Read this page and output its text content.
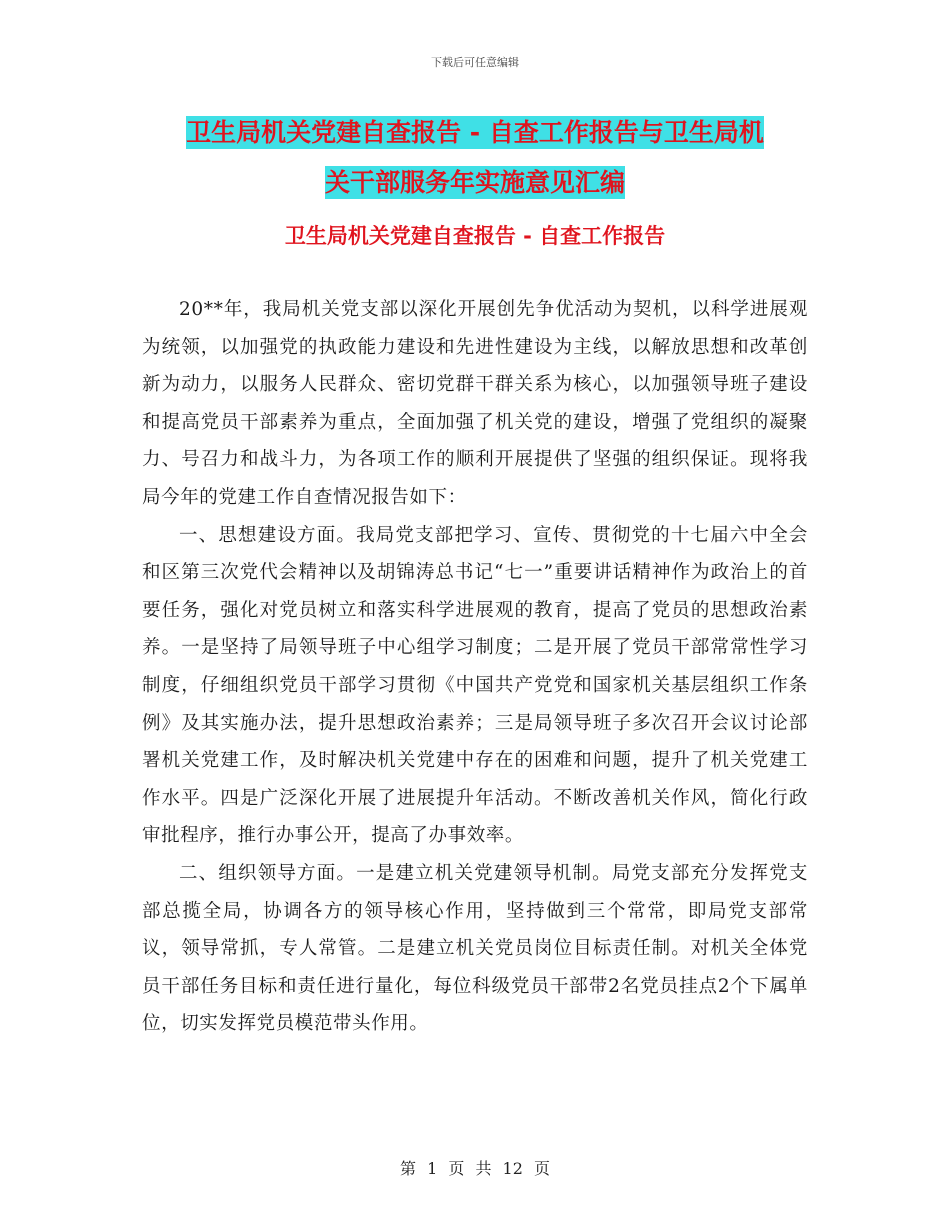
下载后可任意编辑
卫生局机关党建自查报告 - 自查工作报告与卫生局机
关干部服务年实施意见汇编
卫生局机关党建自查报告 - 自查工作报告

20**年，我局机关党支部以深化开展创先争优活动为契机，以科学进展观为统领，以加强党的执政能力建设和先进性建设为主线，以解放思想和改革创新为动力，以服务人民群众、密切党群干群关系为核心，以加强领导班子建设和提高党员干部素养为重点，全面加强了机关党的建设，增强了党组织的凝聚力、号召力和战斗力，为各项工作的顺利开展提供了坚强的组织保证。现将我局今年的党建工作自查情况报告如下：

一、思想建设方面。我局党支部把学习、宣传、贯彻党的十七届六中全会和区第三次党代会精神以及胡锦涛总书记“七一”重要讲话精神作为政治上的首要任务，强化对党员树立和落实科学进展观的教育，提高了党员的思想政治素养。一是坚持了局领导班子中心组学习制度；二是开展了党员干部常常性学习制度，仔细组织党员干部学习贯彻《中国共产党党和国家机关基层组织工作条例》及其实施办法，提升思想政治素养；三是局领导班子多次召开会议讨论部署机关党建工作，及时解决机关党建中存在的困难和问题，提升了机关党建工作水平。四是广泛深化开展了进展提升年活动。不断改善机关作风，简化行政审批程序，推行办事公开，提高了办事效率。

二、组织领导方面。一是建立机关党建领导机制。局党支部充分发挥党支部总揽全局，协调各方的领导核心作用，坚持做到三个常常，即局党支部常议，领导常抓，专人常管。二是建立机关党员岗位目标责任制。对机关全体党员干部任务目标和责任进行量化，每位科级党员干部带2名党员挂点2个下属单位，切实发挥党员模范带头作用。

第 1 页 共 12 页
